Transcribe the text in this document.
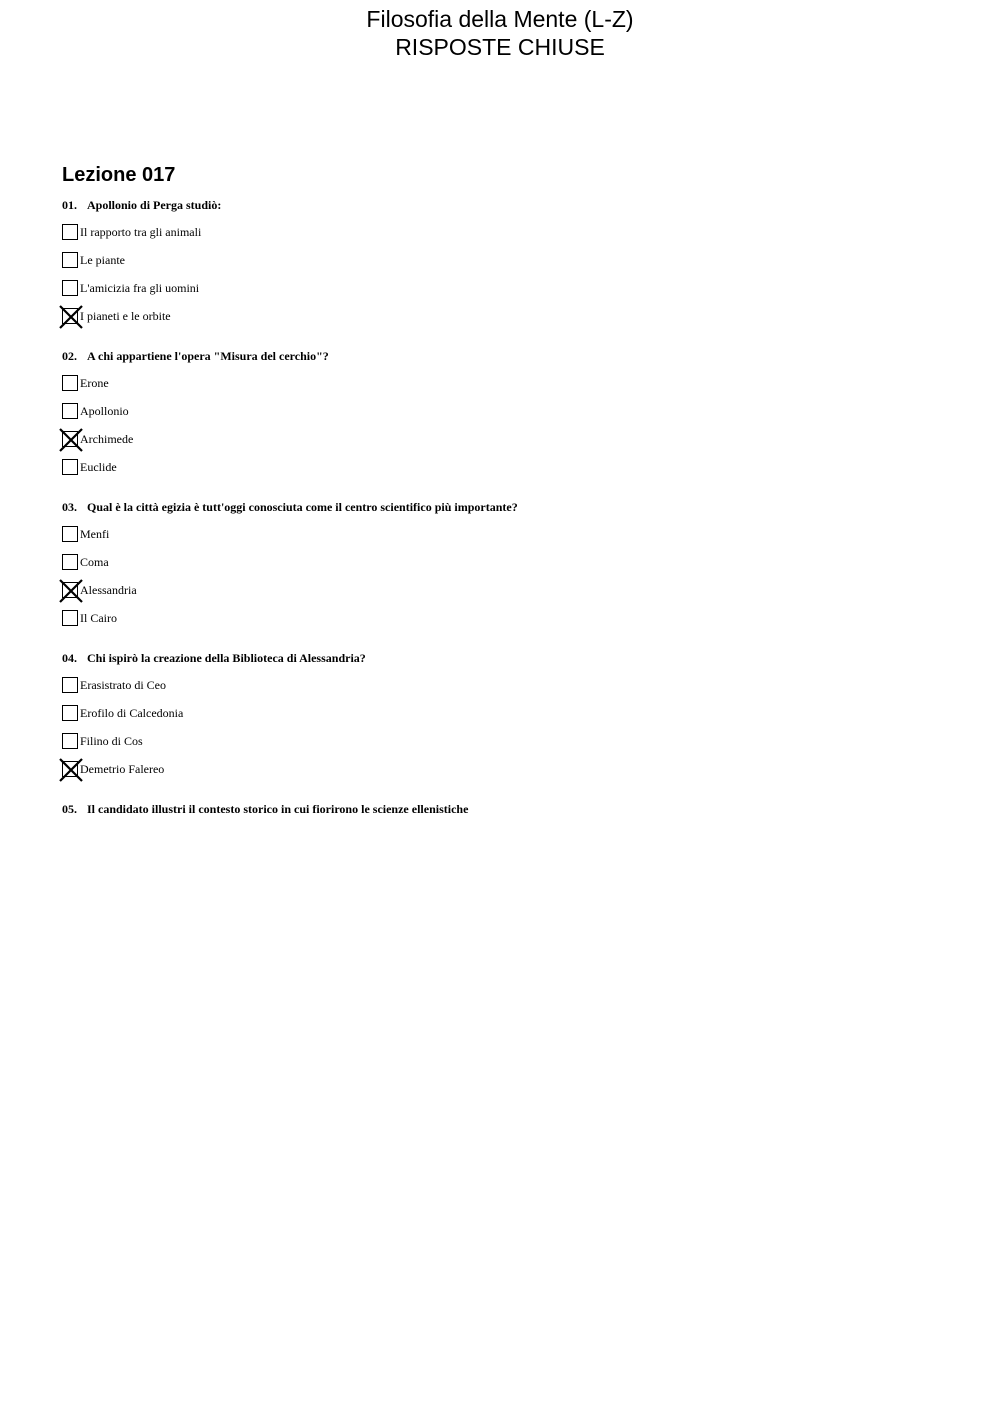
Filosofia della Mente (L-Z)
RISPOSTE CHIUSE
Lezione 017
01. Apollonio di Perga studiò:
Il rapporto tra gli animali
Le piante
L'amicizia fra gli uomini
I pianeti e le orbite
02. A chi appartiene l'opera "Misura del cerchio"?
Erone
Apollonio
Archimede
Euclide
03. Qual è la città egizia è tutt'oggi conosciuta come il centro scientifico più importante?
Menfi
Coma
Alessandria
Il Cairo
04. Chi ispirò la creazione della Biblioteca di Alessandria?
Erasistrato di Ceo
Erofilo di Calcedonia
Filino di Cos
Demetrio Falereo
05. Il candidato illustri il contesto storico in cui fiorirono le scienze ellenistiche
